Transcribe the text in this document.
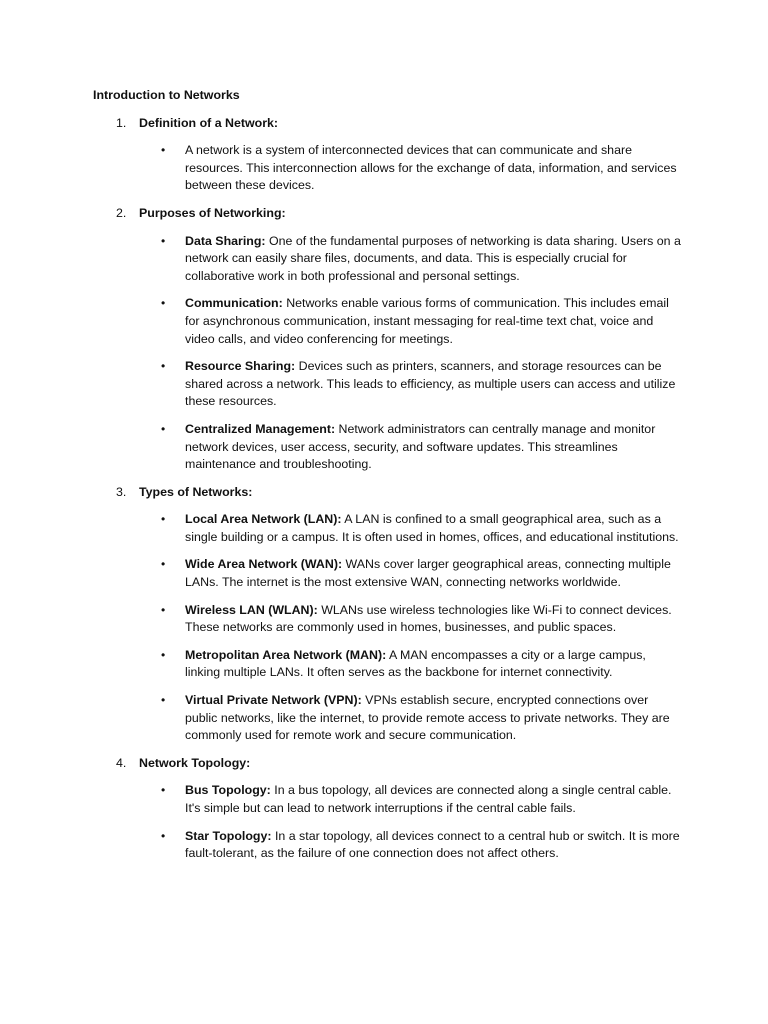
Introduction to Networks
1. Definition of a Network:
• A network is a system of interconnected devices that can communicate and share resources. This interconnection allows for the exchange of data, information, and services between these devices.
2. Purposes of Networking:
• Data Sharing: One of the fundamental purposes of networking is data sharing. Users on a network can easily share files, documents, and data. This is especially crucial for collaborative work in both professional and personal settings.
• Communication: Networks enable various forms of communication. This includes email for asynchronous communication, instant messaging for real-time text chat, voice and video calls, and video conferencing for meetings.
• Resource Sharing: Devices such as printers, scanners, and storage resources can be shared across a network. This leads to efficiency, as multiple users can access and utilize these resources.
• Centralized Management: Network administrators can centrally manage and monitor network devices, user access, security, and software updates. This streamlines maintenance and troubleshooting.
3. Types of Networks:
• Local Area Network (LAN): A LAN is confined to a small geographical area, such as a single building or a campus. It is often used in homes, offices, and educational institutions.
• Wide Area Network (WAN): WANs cover larger geographical areas, connecting multiple LANs. The internet is the most extensive WAN, connecting networks worldwide.
• Wireless LAN (WLAN): WLANs use wireless technologies like Wi-Fi to connect devices. These networks are commonly used in homes, businesses, and public spaces.
• Metropolitan Area Network (MAN): A MAN encompasses a city or a large campus, linking multiple LANs. It often serves as the backbone for internet connectivity.
• Virtual Private Network (VPN): VPNs establish secure, encrypted connections over public networks, like the internet, to provide remote access to private networks. They are commonly used for remote work and secure communication.
4. Network Topology:
• Bus Topology: In a bus topology, all devices are connected along a single central cable. It's simple but can lead to network interruptions if the central cable fails.
• Star Topology: In a star topology, all devices connect to a central hub or switch. It is more fault-tolerant, as the failure of one connection does not affect others.
